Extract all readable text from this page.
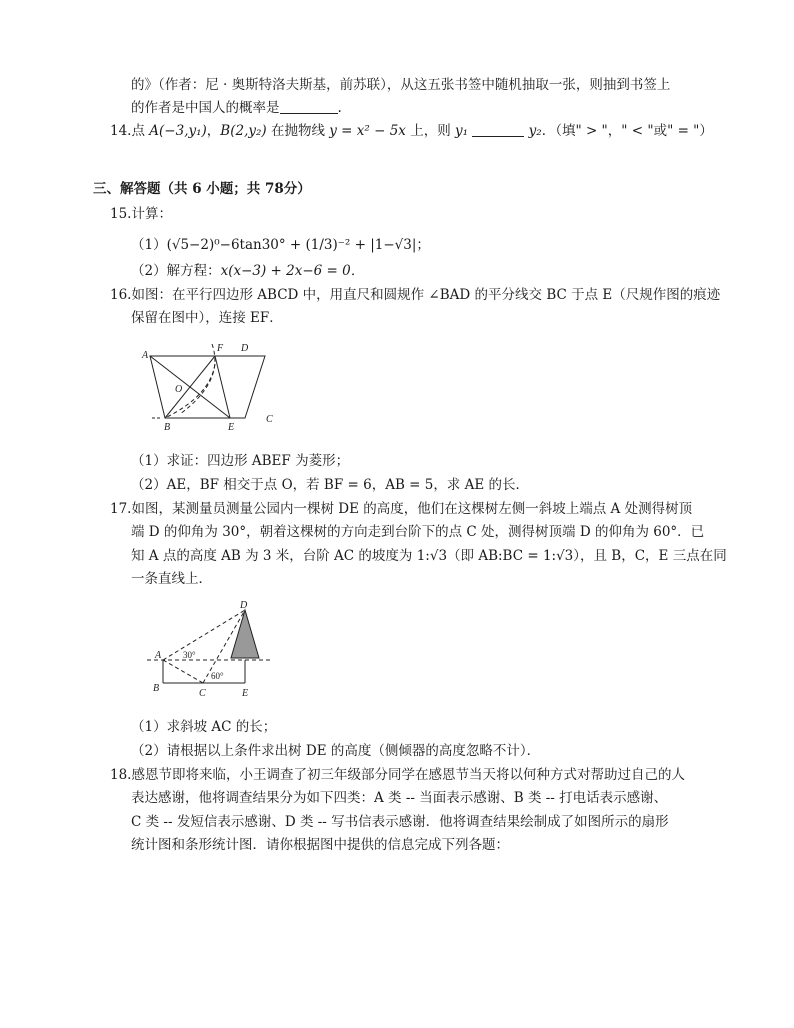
的》（作者：尼 · 奥斯特洛夫斯基，前苏联），从这五张书签中随机抽取一张，则抽到书签上
的作者是中国人的概率是	.
14.点 A(−3,y₁)，B(2,y₂) 在抛物线 y = x² − 5x 上，则 y₁	y₂．（填" > "，" < "或" = "）
三、解答题（共 6 小题；共 78分）
15.计算：
（1）(√5−2)⁰−6tan30° + (1/3)⁻² + |1−√3|；
（2）解方程：x(x−3) + 2x−6 = 0．
16.如图：在平行四边形 ABCD 中，用直尺和圆规作 ∠BAD 的平分线交 BC 于点 E（尺规作图的痕迹
保留在图中），连接 EF．
A
F D
O
B	E
C
（1）求证：四边形 ABEF 为菱形；
（2）AE，BF 相交于点 O，若 BF = 6，AB = 5，求 AE 的长．
17.如图，某测量员测量公园内一棵树 DE 的高度，他们在这棵树左侧一斜坡上端点 A 处测得树顶
端 D 的仰角为 30°，朝着这棵树的方向走到台阶下的点 C 处，测得树顶端 D 的仰角为 60°．已
知 A 点的高度 AB 为 3 米，台阶 AC 的坡度为 1:√3（即 AB:BC = 1:√3），且 B，C，E 三点在同
一条直线上．
A
B	C
D
E
30°
60°
（1）求斜坡 AC 的长；
（2）请根据以上条件求出树 DE 的高度（侧倾器的高度忽略不计）．
18.感恩节即将来临，小王调查了初三年级部分同学在感恩节当天将以何种方式对帮助过自己的人
表达感谢，他将调查结果分为如下四类：A 类 -- 当面表示感谢、B 类 -- 打电话表示感谢、
C 类 -- 发短信表示感谢、D 类 -- 写书信表示感谢．他将调查结果绘制成了如图所示的扇形
统计图和条形统计图．请你根据图中提供的信息完成下列各题：
